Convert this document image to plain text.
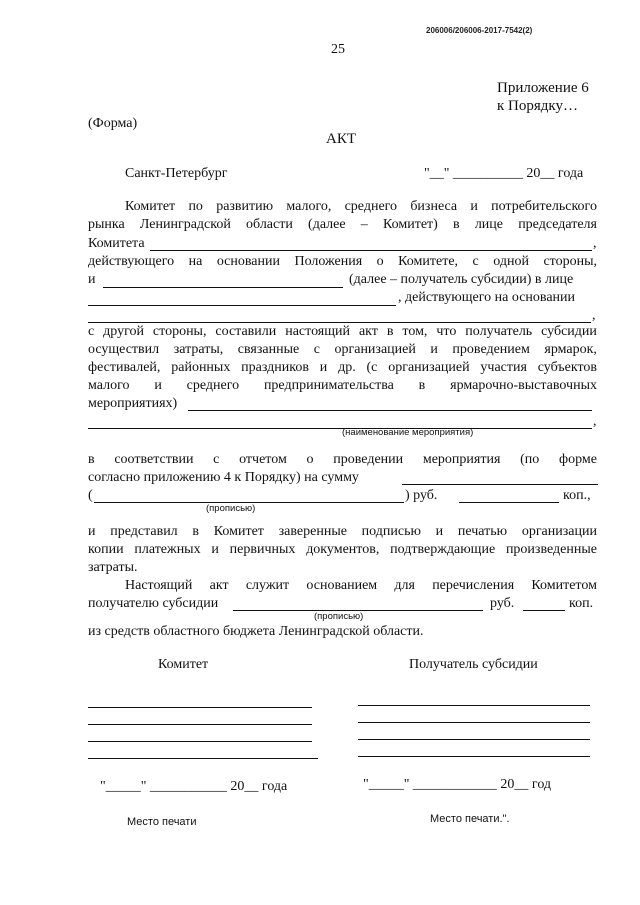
206006/206006-2017-7542(2)
25
Приложение 6
к Порядку…
(Форма)
АКТ
Санкт-Петербург	"__" __________ 20__ года
Комитет по развитию малого, среднего бизнеса и потребительского
рынка Ленинградской области (далее – Комитет) в лице председателя
Комитета	,
действующего на основании Положения о Комитете, с одной стороны,
и	(далее – получатель субсидии) в лице
, действующего на основании
,
с другой стороны, составили настоящий акт в том, что получатель субсидии
осуществил затраты, связанные с организацией и проведением ярмарок,
фестивалей, районных праздников и др. (с организацией участия субъектов
малого и среднего предпринимательства в ярмарочно-выставочных
мероприятиях)
,
(наименование мероприятия)
в соответствии с отчетом о проведении мероприятия (по форме
согласно приложению 4 к Порядку) на сумму
(	) руб.	коп.,
(прописью)
и представил в Комитет заверенные подписью и печатью организации
копии платежных и первичных документов, подтверждающие произведенные
затраты.
Настоящий акт служит основанием для перечисления Комитетом
получателю субсидии	руб.	коп.
(прописью)
из средств областного бюджета Ленинградской области.
Комитет	Получатель субсидии
"_____" ___________ 20__ года	"_____" ____________ 20__ год
Место печати	Место печати.".
